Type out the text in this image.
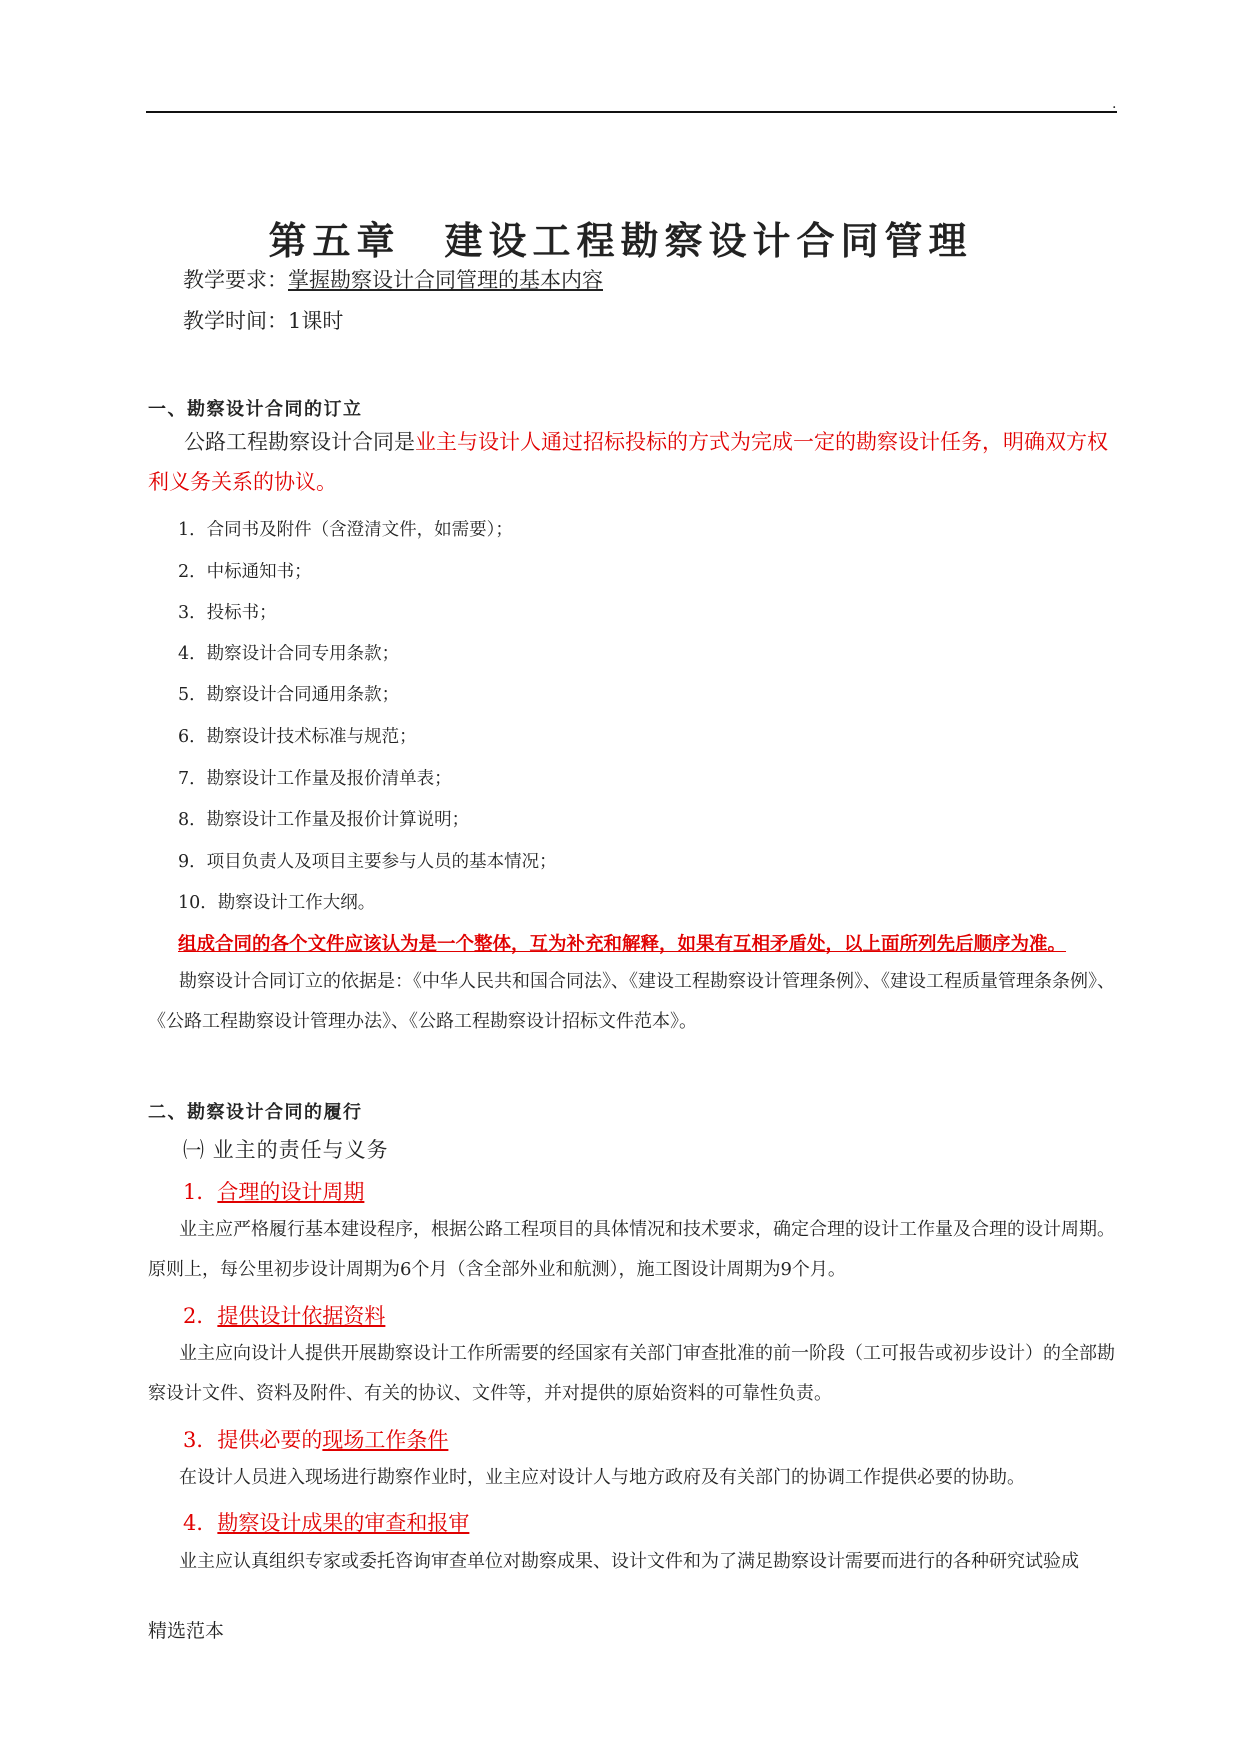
.
第五章 建设工程勘察设计合同管理
教学要求：掌握勘察设计合同管理的基本内容
教学时间：1课时
一、勘察设计合同的订立
公路工程勘察设计合同是业主与设计人通过招标投标的方式为完成一定的勘察设计任务，明确双方权利义务关系的协议。
1．合同书及附件（含澄清文件，如需要）；
2．中标通知书；
3．投标书；
4．勘察设计合同专用条款；
5．勘察设计合同通用条款；
6．勘察设计技术标准与规范；
7．勘察设计工作量及报价清单表；
8．勘察设计工作量及报价计算说明；
9．项目负责人及项目主要参与人员的基本情况；
10．勘察设计工作大纲。
组成合同的各个文件应该认为是一个整体，互为补充和解释，如果有互相矛盾处，以上面所列先后顺序为准。
勘察设计合同订立的依据是：《中华人民共和国合同法》、《建设工程勘察设计管理条例》、《建设工程质量管理条条例》、《公路工程勘察设计管理办法》、《公路工程勘察设计招标文件范本》。
二、勘察设计合同的履行
㈠ 业主的责任与义务
1．合理的设计周期
业主应严格履行基本建设程序，根据公路工程项目的具体情况和技术要求，确定合理的设计工作量及合理的设计周期。原则上，每公里初步设计周期为6个月（含全部外业和航测），施工图设计周期为9个月。
2．提供设计依据资料
业主应向设计人提供开展勘察设计工作所需要的经国家有关部门审查批准的前一阶段（工可报告或初步设计）的全部勘察设计文件、资料及附件、有关的协议、文件等，并对提供的原始资料的可靠性负责。
3．提供必要的现场工作条件
在设计人员进入现场进行勘察作业时，业主应对设计人与地方政府及有关部门的协调工作提供必要的协助。
4．勘察设计成果的审查和报审
业主应认真组织专家或委托咨询审查单位对勘察成果、设计文件和为了满足勘察设计需要而进行的各种研究试验成
精选范本
